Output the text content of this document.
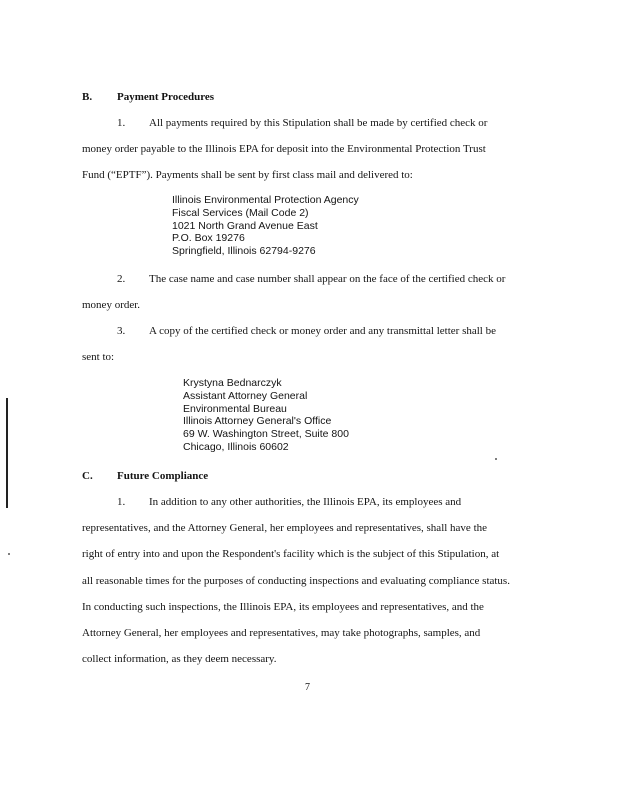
B. Payment Procedures
1. All payments required by this Stipulation shall be made by certified check or
money order payable to the Illinois EPA for deposit into the Environmental Protection Trust
Fund (“EPTF”). Payments shall be sent by first class mail and delivered to:
Illinois Environmental Protection Agency
Fiscal Services (Mail Code 2)
1021 North Grand Avenue East
P.O. Box 19276
Springfield, Illinois 62794-9276
2. The case name and case number shall appear on the face of the certified check or
money order.
3. A copy of the certified check or money order and any transmittal letter shall be
sent to:
Krystyna Bednarczyk
Assistant Attorney General
Environmental Bureau
Illinois Attorney General's Office
69 W. Washington Street, Suite 800
Chicago, Illinois 60602
C. Future Compliance
1. In addition to any other authorities, the Illinois EPA, its employees and
representatives, and the Attorney General, her employees and representatives, shall have the
right of entry into and upon the Respondent's facility which is the subject of this Stipulation, at
all reasonable times for the purposes of conducting inspections and evaluating compliance status.
In conducting such inspections, the Illinois EPA, its employees and representatives, and the
Attorney General, her employees and representatives, may take photographs, samples, and
collect information, as they deem necessary.
7
